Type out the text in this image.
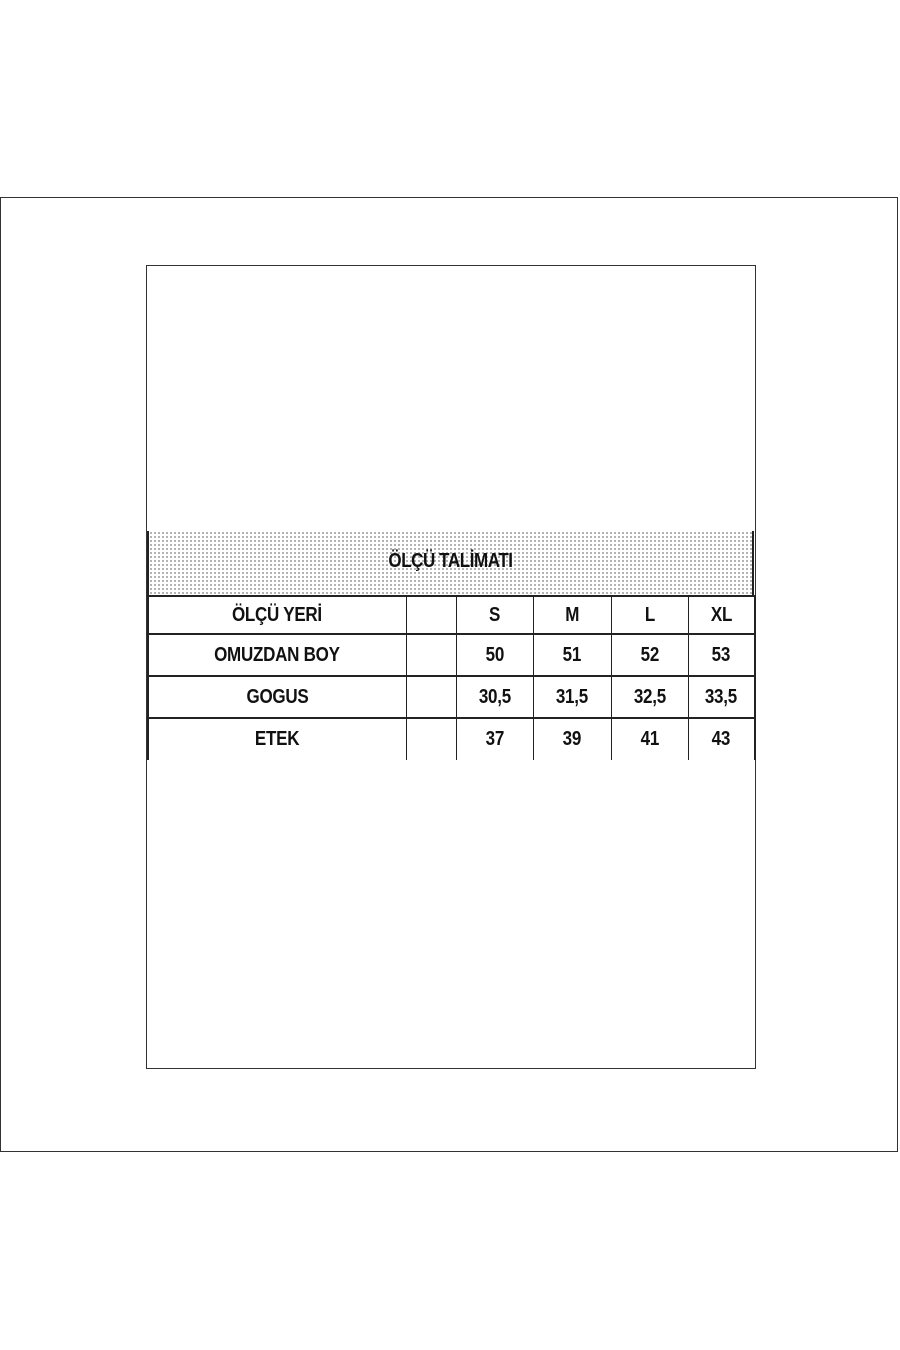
ÖLÇÜ TALİMATI
ÖLÇÜ YERİ		S	M	L	XL
OMUZDAN BOY		50	51	52	53
GOGUS		30,5	31,5	32,5	33,5
ETEK		37	39	41	43
